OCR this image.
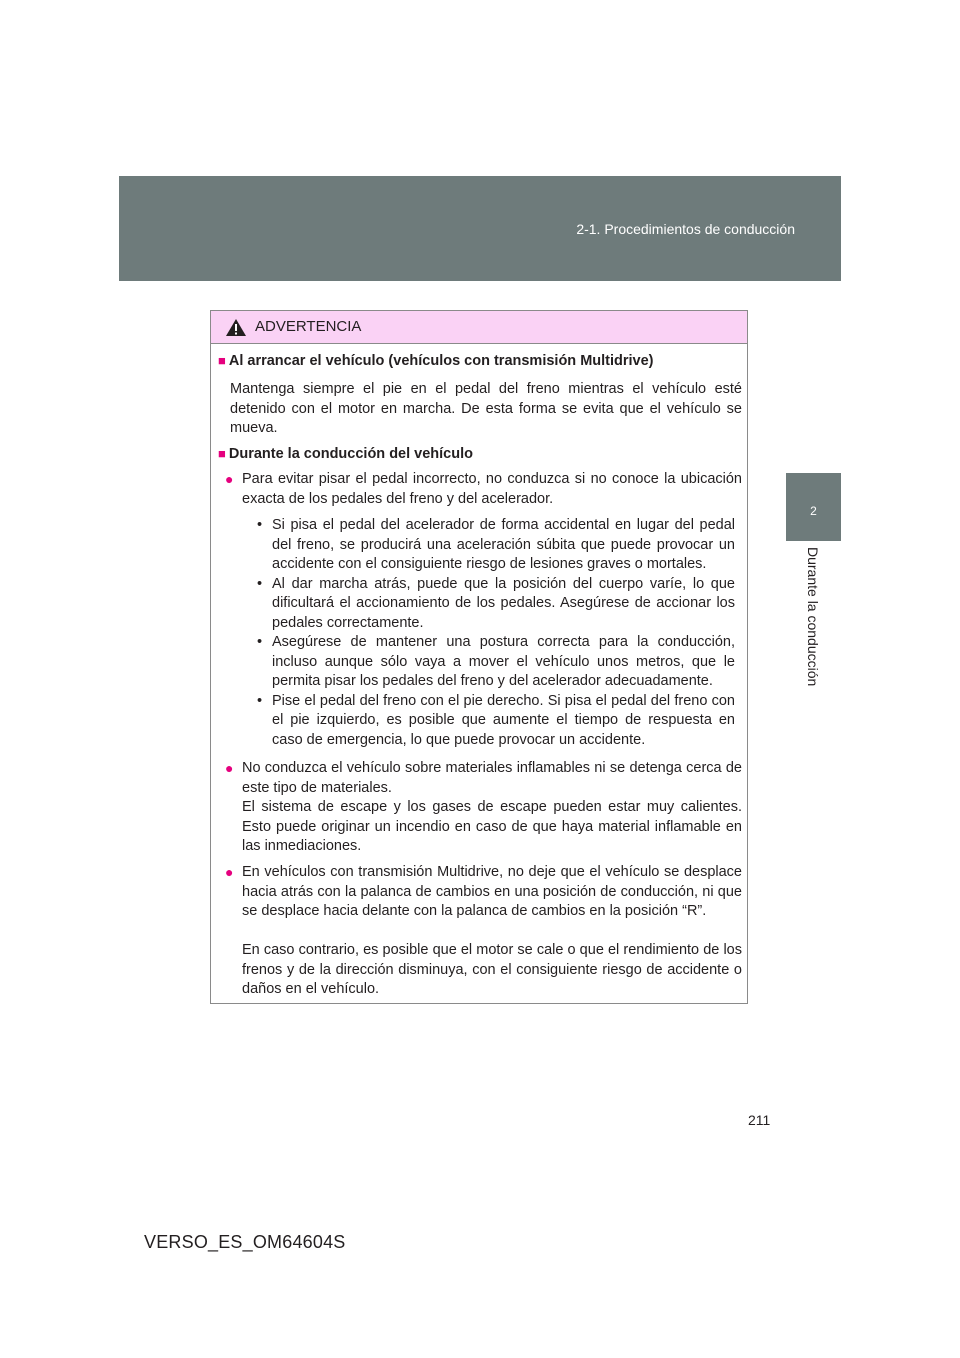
2-1. Procedimientos de conducción
2
Durante la conducción
ADVERTENCIA
■ Al arrancar el vehículo (vehículos con transmisión Multidrive)
Mantenga siempre el pie en el pedal del freno mientras el vehículo esté detenido con el motor en marcha. De esta forma se evita que el vehículo se mueva.
■ Durante la conducción del vehículo
● Para evitar pisar el pedal incorrecto, no conduzca si no conoce la ubicación exacta de los pedales del freno y del acelerador.
• Si pisa el pedal del acelerador de forma accidental en lugar del pedal del freno, se producirá una aceleración súbita que puede provocar un accidente con el consiguiente riesgo de lesiones graves o mortales.
• Al dar marcha atrás, puede que la posición del cuerpo varíe, lo que dificultará el accionamiento de los pedales. Asegúrese de accionar los pedales correctamente.
• Asegúrese de mantener una postura correcta para la conducción, incluso aunque sólo vaya a mover el vehículo unos metros, que le permita pisar los pedales del freno y del acelerador adecuadamente.
• Pise el pedal del freno con el pie derecho. Si pisa el pedal del freno con el pie izquierdo, es posible que aumente el tiempo de respuesta en caso de emergencia, lo que puede provocar un accidente.
● No conduzca el vehículo sobre materiales inflamables ni se detenga cerca de este tipo de materiales.
El sistema de escape y los gases de escape pueden estar muy calientes. Esto puede originar un incendio en caso de que haya material inflamable en las inmediaciones.
● En vehículos con transmisión Multidrive, no deje que el vehículo se desplace hacia atrás con la palanca de cambios en una posición de conducción, ni que se desplace hacia delante con la palanca de cambios en la posición “R”.
En caso contrario, es posible que el motor se cale o que el rendimiento de los frenos y de la dirección disminuya, con el consiguiente riesgo de accidente o daños en el vehículo.
211
VERSO_ES_OM64604S
